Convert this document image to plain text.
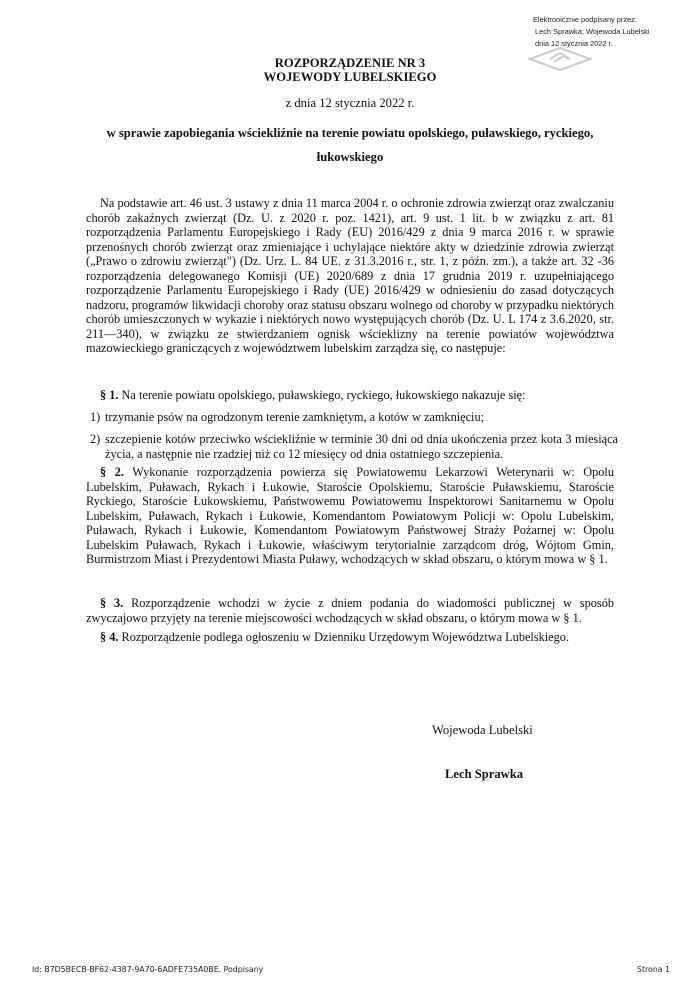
Elektronicznie podpisany przez:
Lech Sprawka; Wojewoda Lubelski
dnia 12 stycznia 2022 r.
ROZPORZĄDZENIE NR 3
WOJEWODY LUBELSKIEGO
z dnia 12 stycznia 2022 r.
w sprawie zapobiegania wściekliźnie na terenie powiatu opolskiego, puławskiego, ryckiego,
łukowskiego
Na podstawie art. 46 ust. 3 ustawy z dnia 11 marca 2004 r. o ochronie zdrowia zwierząt oraz zwalczaniu chorób zakaźnych zwierząt (Dz. U. z 2020 r. poz. 1421), art. 9 ust. 1 lit. b w związku z art. 81 rozporządzenia Parlamentu Europejskiego i Rady (EU) 2016/429 z dnia 9 marca 2016 r. w sprawie przenośnych chorób zwierząt oraz zmieniające i uchylające niektóre akty w dziedzinie zdrowia zwierząt („Prawo o zdrowiu zwierząt") (Dz. Urz. L. 84 UE. z 31.3.2016 r., str. 1, z późn. zm.), a także art. 32 -36 rozporządzenia delegowanego Komisji (UE) 2020/689 z dnia 17 grudnia 2019 r. uzupełniającego rozporządzenie Parlamentu Europejskiego i Rady (UE) 2016/429 w odniesieniu do zasad dotyczących nadzoru, programów likwidacji choroby oraz statusu obszaru wolnego od choroby w przypadku niektórych chorób umieszczonych w wykazie i niektórych nowo występujących chorób (Dz. U. L 174 z 3.6.2020, str. 211—340), w związku ze stwierdzaniem ognisk wścieklizny na terenie powiatów województwa mazowieckiego graniczących z województwem lubelskim zarządza się, co następuje:
§ 1. Na terenie powiatu opolskiego, puławskiego, ryckiego, łukowskiego nakazuje się:
1) trzymanie psów na ogrodzonym terenie zamkniętym, a kotów w zamknięciu;
2) szczepienie kotów przeciwko wściekliźnie w terminie 30 dni od dnia ukończenia przez kota 3 miesiąca życia, a następnie nie rzadziej niż co 12 miesięcy od dnia ostatniego szczepienia.
§ 2. Wykonanie rozporządzenia powierza się Powiatowemu Lekarzowi Weterynarii w: Opolu Lubelskim, Puławach, Rykach i Łukowie, Staroście Opolskiemu, Staroście Puławskiemu, Staroście Ryckiego, Staroście Łukowskiemu, Państwowemu Powiatowemu Inspektorowi Sanitarnemu w Opolu Lubelskim, Puławach, Rykach i Łukowie, Komendantom Powiatowym Policji w: Opolu Lubelskim, Puławach, Rykach i Łukowie, Komendantom Powiatowym Państwowej Straży Pożarnej w: Opolu Lubelskim Puławach, Rykach i Łukowie, właściwym terytorialnie zarządcom dróg, Wójtom Gmin, Burmistrzom Miast i Prezydentowi Miasta Puławy, wchodzących w skład obszaru, o którym mowa w § 1.
§ 3. Rozporządzenie wchodzi w życie z dniem podania do wiadomości publicznej w sposób zwyczajowo przyjęty na terenie miejscowości wchodzących w skład obszaru, o którym mowa w § 1.
§ 4. Rozporządzenie podlega ogłoszeniu w Dzienniku Urzędowym Województwa Lubelskiego.
Wojewoda Lubelski
Lech Sprawka
Id: B7D5BECB-BF62-4387-9A70-6ADFE735A0BE. Podpisany	Strona 1
